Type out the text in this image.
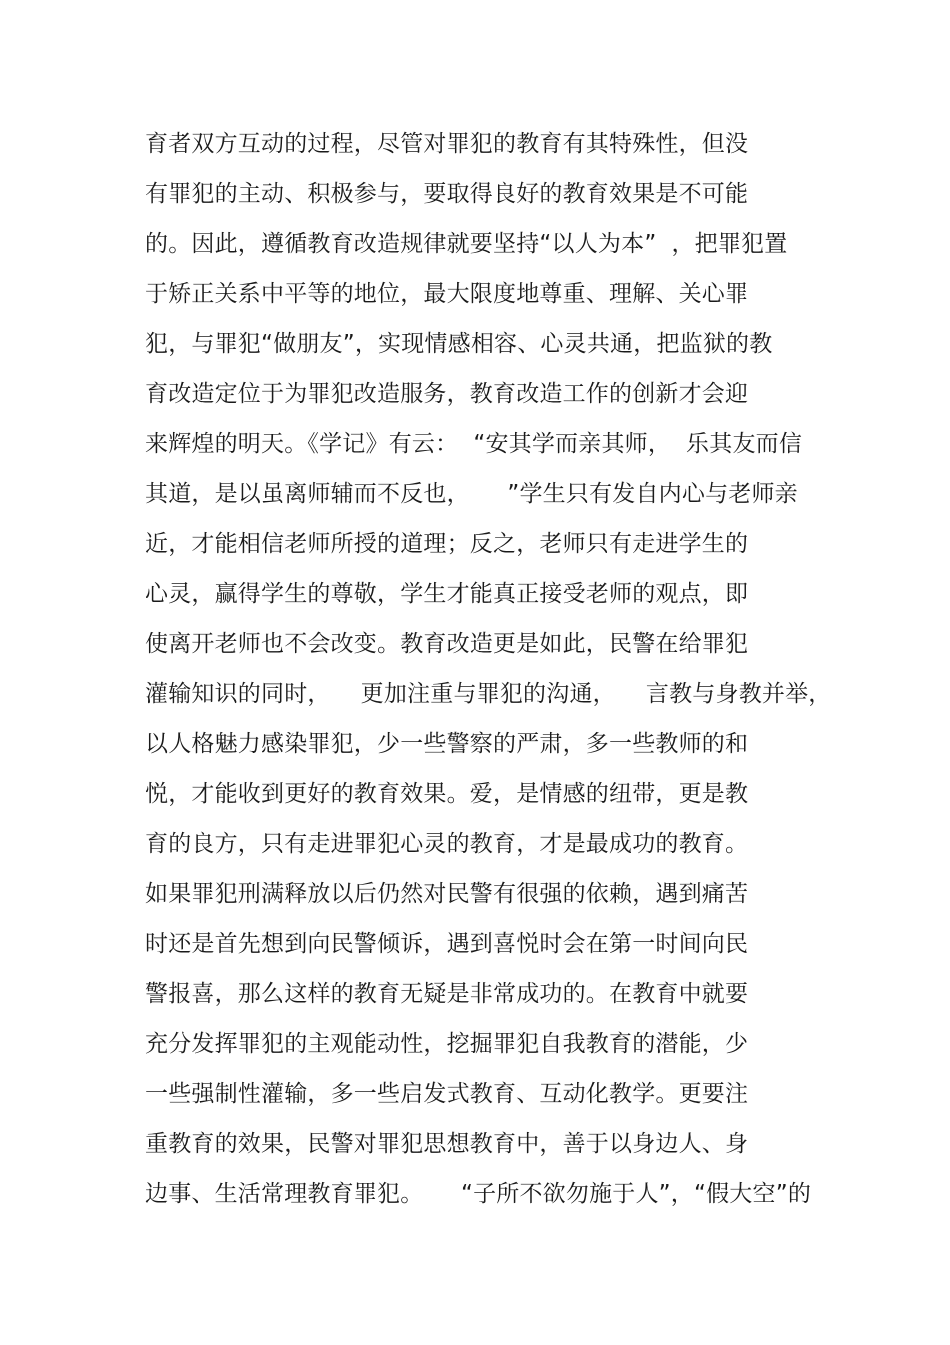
育者双方互动的过程，尽管对罪犯的教育有其特殊性，但没
有罪犯的主动、积极参与，要取得良好的教育效果是不可能
的。因此，遵循教育改造规律就要坚持“以人为本”  ，把罪犯置
于矫正关系中平等的地位，最大限度地尊重、理解、关心罪
犯，与罪犯“做朋友”，实现情感相容、心灵共通，把监狱的教
育改造定位于为罪犯改造服务，教育改造工作的创新才会迎
来辉煌的明天。《学记》有云：  “安其学而亲其师，  乐其友而信
其道，是以虽离师辅而不反也，     ”学生只有发自内心与老师亲
近，才能相信老师所授的道理；反之，老师只有走进学生的
心灵，赢得学生的尊敬，学生才能真正接受老师的观点，即
使离开老师也不会改变。教育改造更是如此，民警在给罪犯
灌输知识的同时，    更加注重与罪犯的沟通，    言教与身教并举，
以人格魅力感染罪犯，少一些警察的严肃，多一些教师的和
悦，才能收到更好的教育效果。爱，是情感的纽带，更是教
育的良方，只有走进罪犯心灵的教育，才是最成功的教育。
如果罪犯刑满释放以后仍然对民警有很强的依赖，遇到痛苦
时还是首先想到向民警倾诉，遇到喜悦时会在第一时间向民
警报喜，那么这样的教育无疑是非常成功的。在教育中就要
充分发挥罪犯的主观能动性，挖掘罪犯自我教育的潜能，少
一些强制性灌输，多一些启发式教育、互动化教学。更要注
重教育的效果，民警对罪犯思想教育中，善于以身边人、身
边事、生活常理教育罪犯。     “子所不欲勿施于人”，“假大空”的
